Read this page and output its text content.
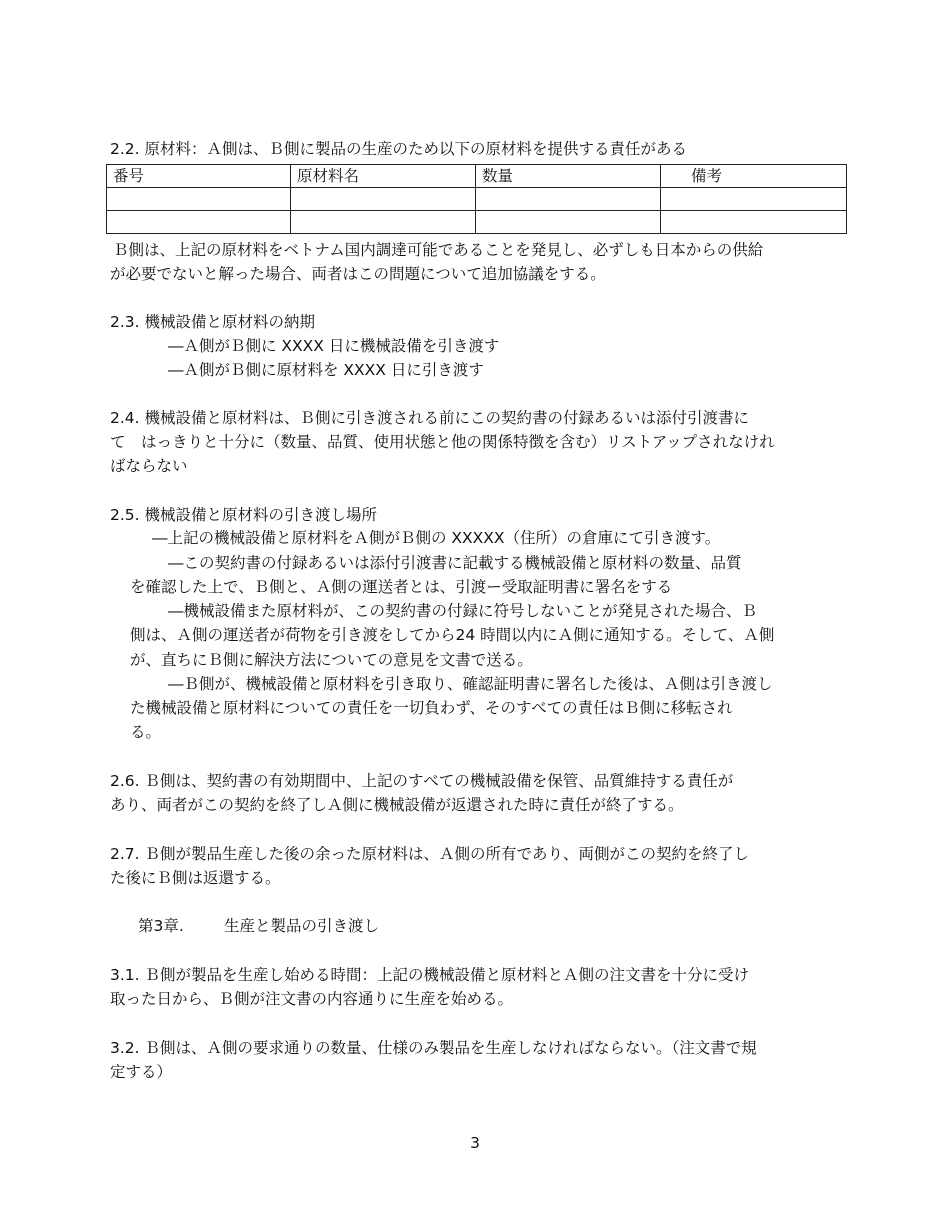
2.2. 原材料：Ａ側は、Ｂ側に製品の生産のため以下の原材料を提供する責任がある
番号	原材料名	数量	備考

Ｂ側は、上記の原材料をベトナム国内調達可能であることを発見し、必ずしも日本からの供給
が必要でないと解った場合、両者はこの問題について追加協議をする。
2.3. 機械設備と原材料の納期
―Ａ側がＢ側に XXXX 日に機械設備を引き渡す
―Ａ側がＢ側に原材料を XXXX 日に引き渡す
2.4. 機械設備と原材料は、Ｂ側に引き渡される前にこの契約書の付録あるいは添付引渡書に
て　はっきりと十分に（数量、品質、使用状態と他の関係特徴を含む）リストアップされなけれ
ばならない
2.5. 機械設備と原材料の引き渡し場所
―上記の機械設備と原材料をＡ側がＢ側の XXXXX（住所）の倉庫にて引き渡す。
―この契約書の付録あるいは添付引渡書に記載する機械設備と原材料の数量、品質
を確認した上で、Ｂ側と、Ａ側の運送者とは、引渡ー受取証明書に署名をする
―機械設備また原材料が、この契約書の付録に符号しないことが発見された場合、Ｂ
側は、Ａ側の運送者が荷物を引き渡をしてから24 時間以内にＡ側に通知する。そして、Ａ側
が、直ちにＢ側に解決方法についての意見を文書で送る。
―Ｂ側が、機械設備と原材料を引き取り、確認証明書に署名した後は、Ａ側は引き渡し
た機械設備と原材料についての責任を一切負わず、そのすべての責任はＢ側に移転され
る。
2.6. Ｂ側は、契約書の有効期間中、上記のすべての機械設備を保管、品質維持する責任が
あり、両者がこの契約を終了しＡ側に機械設備が返還された時に責任が終了する。
2.7. Ｂ側が製品生産した後の余った原材料は、Ａ側の所有であり、両側がこの契約を終了し
た後にＢ側は返還する。
第3章.	生産と製品の引き渡し
3.1. Ｂ側が製品を生産し始める時間：上記の機械設備と原材料とＡ側の注文書を十分に受け
取った日から、Ｂ側が注文書の内容通りに生産を始める。
3.2. Ｂ側は、Ａ側の要求通りの数量、仕様のみ製品を生産しなければならない。（注文書で規
定する）
3
